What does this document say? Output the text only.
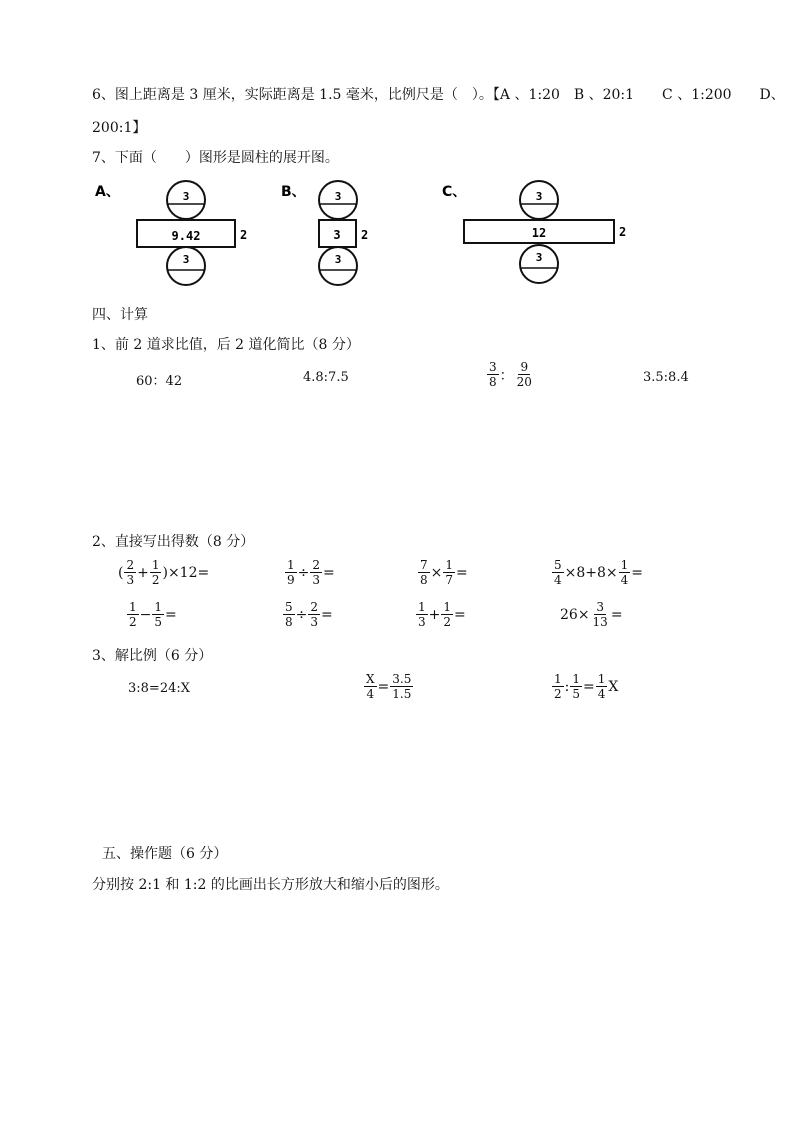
6、图上距离是 3 厘米，实际距离是 1.5 毫米，比例尺是（　）。【A 、1:20　B 、20:1　　C 、1:200　　D、
200:1】
7、下面（　　）图形是圆柱的展开图。
A、	3
9.42	2
3
B、	3
3 2
3
C、	3
12	2
3
四、计算
1、前 2 道求比值，后 2 道化简比（8 分）
60：42	4.8:7.5	$\frac{3}{8}$ ： $\frac{9}{20}$	3.5:8.4
2、直接写出得数（8 分）
( $\frac{2}{3} + \frac{1}{2}$ ) ×12=	$\frac{1}{9} \div \frac{2}{3}$ =	$\frac{7}{8} \times \frac{1}{7}$ =	$\frac{5}{4} \times 8+8\times \frac{1}{4}$ =
$\frac{1}{2} - \frac{1}{5}$ =	$\frac{5}{8} \div \frac{2}{3}$ =	$\frac{1}{3} + \frac{1}{2}$ =	$26\times \frac{3}{13}$ =
3、解比例（6 分）
3:8=24:X	$\frac{X}{4} = \frac{3.5}{1.5}$	$\frac{1}{2}$ : $\frac{1}{5} = \frac{1}{4}$ X
五、操作题（6 分）
分别按 2:1 和 1:2 的比画出长方形放大和缩小后的图形。
